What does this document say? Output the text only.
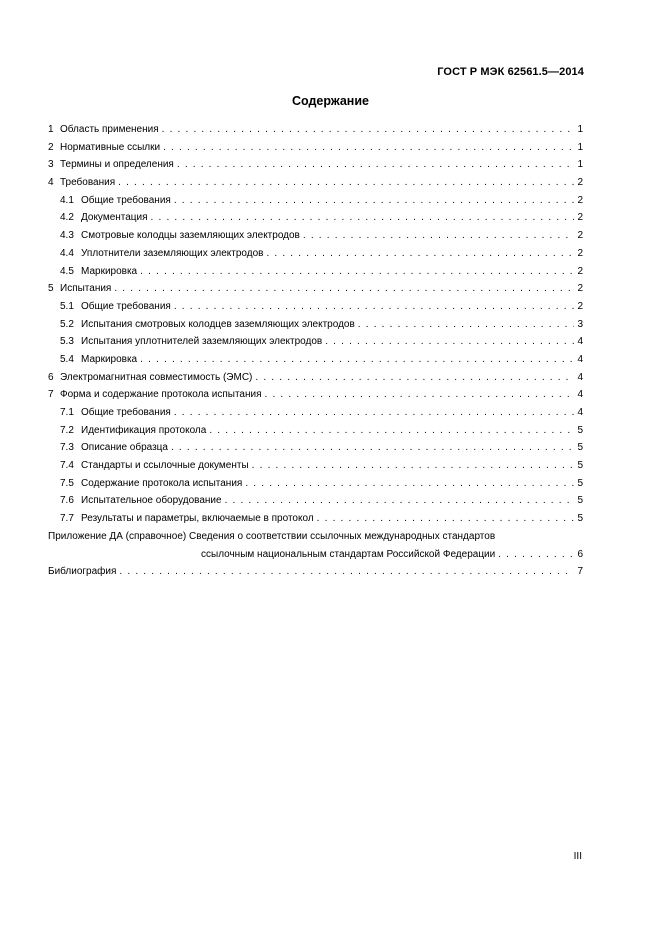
ГОСТ Р МЭК 62561.5—2014
Содержание
1 Область применения . . .	1
2 Нормативные ссылки . . .	1
3 Термины и определения . . .	1
4 Требования . . .	2
4.1 Общие требования . . .	2
4.2 Документация . . .	2
4.3 Смотровые колодцы заземляющих электродов . . .	2
4.4 Уплотнители заземляющих электродов . . .	2
4.5 Маркировка . . .	2
5 Испытания . . .	2
5.1 Общие требования . . .	2
5.2 Испытания смотровых колодцев заземляющих электродов . . .	3
5.3 Испытания уплотнителей заземляющих электродов . . .	4
5.4 Маркировка . . .	4
6 Электромагнитная совместимость (ЭМС) . . .	4
7 Форма и содержание протокола испытания . . .	4
7.1 Общие требования . . .	4
7.2 Идентификация протокола . . .	5
7.3 Описание образца . . .	5
7.4 Стандарты и ссылочные документы . . .	5
7.5 Содержание протокола испытания . . .	5
7.6 Испытательное оборудование . . .	5
7.7 Результаты и параметры, включаемые в протокол . . .	5
Приложение ДА (справочное) Сведения о соответствии ссылочных международных стандартов
ссылочным национальным стандартам Российской Федерации . . .	6
Библиография . . .	7
III
